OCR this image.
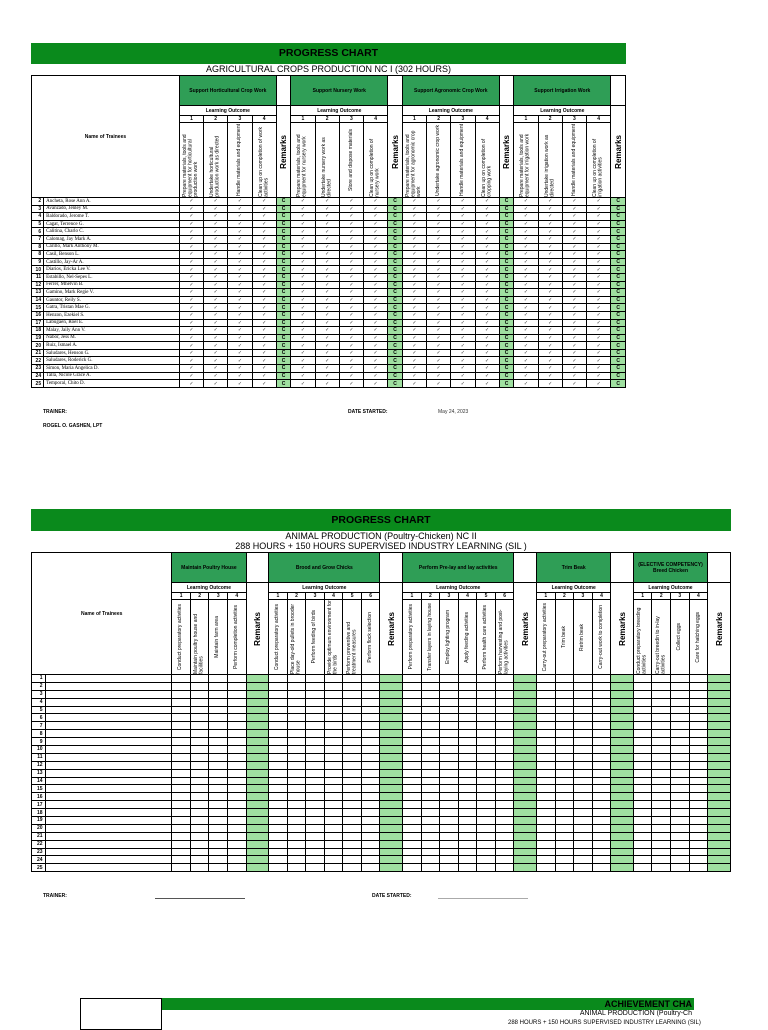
PROGRESS CHART
AGRICULTURAL CROPS PRODUCTION NC I (302 HOURS)
Name of Trainees		Support Horticultural Crop Work					Support Nursery Work					Support Agronomic Crop Work					Support Irrigation Work				
		Learning Outcome				Remarks	Learning Outcome				Remarks	Learning Outcome				Remarks	Learning Outcome				Remarks

		1	2	3	4		1	2	3	4		1	2	3	4		1	2	3	4	

		Prepare materials, tools and equipment for horticultural production work	Undertake horticultural production work as directed	Handle materials and equipment	Clean up on completion of work activities		Prepare materials, tools and equipment for nursery work	Undertake nursery work as directed	Store and dispose materials	Clean up on completion of nursery work		Prepare materials, tools and equipment for agronomic crop work	Undertake agronomic crop work	Handle materials and equipment	Clean up on completion of cropping work		Prepare materials, tools and equipment for irrigation work	Undertake irrigation work as directed	Handle materials and equipment	Clean up on completion of irrigation activities	

2	Ancheta, Rose Ann A.	✓	✓	✓	✓	C	✓	✓	✓	✓	C	✓	✓	✓	✓	C	✓	✓	✓	✓	C
3	Avanzado, Jenley M.	✓	✓	✓	✓	C	✓	✓	✓	✓	C	✓	✓	✓	✓	C	✓	✓	✓	✓	C
4	Baldorado, Jerome T.	✓	✓	✓	✓	C	✓	✓	✓	✓	C	✓	✓	✓	✓	C	✓	✓	✓	✓	C
5	Cagat, Terrence G.	✓	✓	✓	✓	C	✓	✓	✓	✓	C	✓	✓	✓	✓	C	✓	✓	✓	✓	C
6	Calitina, Charlo C.	✓	✓	✓	✓	C	✓	✓	✓	✓	C	✓	✓	✓	✓	C	✓	✓	✓	✓	C
7	Calomag, Jay Mark A.	✓	✓	✓	✓	C	✓	✓	✓	✓	C	✓	✓	✓	✓	C	✓	✓	✓	✓	C
8	Carillo, Mark Anthony M.	✓	✓	✓	✓	C	✓	✓	✓	✓	C	✓	✓	✓	✓	C	✓	✓	✓	✓	C
8	Casil, Benson L.	✓	✓	✓	✓	C	✓	✓	✓	✓	C	✓	✓	✓	✓	C	✓	✓	✓	✓	C
9	Castillo, Jay-Ar A.	✓	✓	✓	✓	C	✓	✓	✓	✓	C	✓	✓	✓	✓	C	✓	✓	✓	✓	C
10	Diarios, Ericka Lee V.	✓	✓	✓	✓	C	✓	✓	✓	✓	C	✓	✓	✓	✓	C	✓	✓	✓	✓	C
11	Estabillo, Nel-Sepes L.	✓	✓	✓	✓	C	✓	✓	✓	✓	C	✓	✓	✓	✓	C	✓	✓	✓	✓	C
12	Ferrer, Mhelvin B.	✓	✓	✓	✓	C	✓	✓	✓	✓	C	✓	✓	✓	✓	C	✓	✓	✓	✓	C
13	Gamino, Mark Regie V.	✓	✓	✓	✓	C	✓	✓	✓	✓	C	✓	✓	✓	✓	C	✓	✓	✓	✓	C
14	Gauntor, Reily S.	✓	✓	✓	✓	C	✓	✓	✓	✓	C	✓	✓	✓	✓	C	✓	✓	✓	✓	C
15	Gatra, Tristan Mae G.	✓	✓	✓	✓	C	✓	✓	✓	✓	C	✓	✓	✓	✓	C	✓	✓	✓	✓	C
16	Henzon, Ezekiel S.	✓	✓	✓	✓	C	✓	✓	✓	✓	C	✓	✓	✓	✓	C	✓	✓	✓	✓	C
17	Labugaen, Roel E.	✓	✓	✓	✓	C	✓	✓	✓	✓	C	✓	✓	✓	✓	C	✓	✓	✓	✓	C
18	Malay, Jaily Ann V.	✓	✓	✓	✓	C	✓	✓	✓	✓	C	✓	✓	✓	✓	C	✓	✓	✓	✓	C
19	Nabor, Jess M.	✓	✓	✓	✓	C	✓	✓	✓	✓	C	✓	✓	✓	✓	C	✓	✓	✓	✓	C
20	Ruiz, Ismael A.	✓	✓	✓	✓	C	✓	✓	✓	✓	C	✓	✓	✓	✓	C	✓	✓	✓	✓	C
21	Saludares, Henson G.	✓	✓	✓	✓	C	✓	✓	✓	✓	C	✓	✓	✓	✓	C	✓	✓	✓	✓	C
22	Saludares, Roderick G.	✓	✓	✓	✓	C	✓	✓	✓	✓	C	✓	✓	✓	✓	C	✓	✓	✓	✓	C
23	Simon, Maria Angelica D.	✓	✓	✓	✓	C	✓	✓	✓	✓	C	✓	✓	✓	✓	C	✓	✓	✓	✓	C
24	Talla, Nicole Grace A.	✓	✓	✓	✓	C	✓	✓	✓	✓	C	✓	✓	✓	✓	C	✓	✓	✓	✓	C
25	Temporal, Chito D.	✓	✓	✓	✓	C	✓	✓	✓	✓	C	✓	✓	✓	✓	C	✓	✓	✓	✓	C
TRAINER:
ROGEL O. GASHEN, LPT
DATE STARTED:	May 24, 2023
PROGRESS CHART
ANIMAL PRODUCTION (Poultry-Chicken) NC II
288 HOURS + 150 HOURS SUPERVISED INDUSTRY LEARNING (SIL )
Name of Trainees		Maintain Poultry House					Brood and Grow Chicks							Perform Pre-lay and lay activities							Trim Beak					(ELECTIVE COMPETENCY) Breed Chicken				
		Learning Outcome				Remarks	Learning Outcome						Remarks	Learning Outcome						Remarks	Learning Outcome				Remarks	Learning Outcome				Remarks

		1	2	3	4		1	2	3	4	5	6		1	2	3	4	5	6		1	2	3	4		1	2	3	4	

		Conduct preparatory activities	Maintain poultry house and facilities	Maintain farm area	Perform completion activities		Conduct preparatory activities	Place day-old pullets in brooder house	Perform feeding of birds	Provide optimum environment for the birds	Perform preventive and treatment measures	Perform flock selection		Perform preparatory activities	Transfer layers in laying house	Employ lighting program	Apply feeding activities	Perform health care activities	Perform harvesting and post-laying activities		Carry-out preparatory activities	Trim beak	Retrim beak	Carry-out work to completion		Conduct preparatory breeding activities	Carry-out breedin to in-lay activities	Collect eggs	Care for hatching eggs	

1																														
2																														
3																														
4																														
5																														
6																														
7																														
8																														
9																														
10																														
11																														
12																														
13																														
14																														
15																														
16																														
17																														
18																														
19																														
20																														
21																														
22																														
23																														
24																														
25																														
TRAINER:	DATE STARTED:
ACHIEVEMENT CHA
ANIMAL PRODUCTION (Poultry-Ch
288 HOURS + 150 HOURS SUPERVISED INDUSTRY LEARNING (SIL)
